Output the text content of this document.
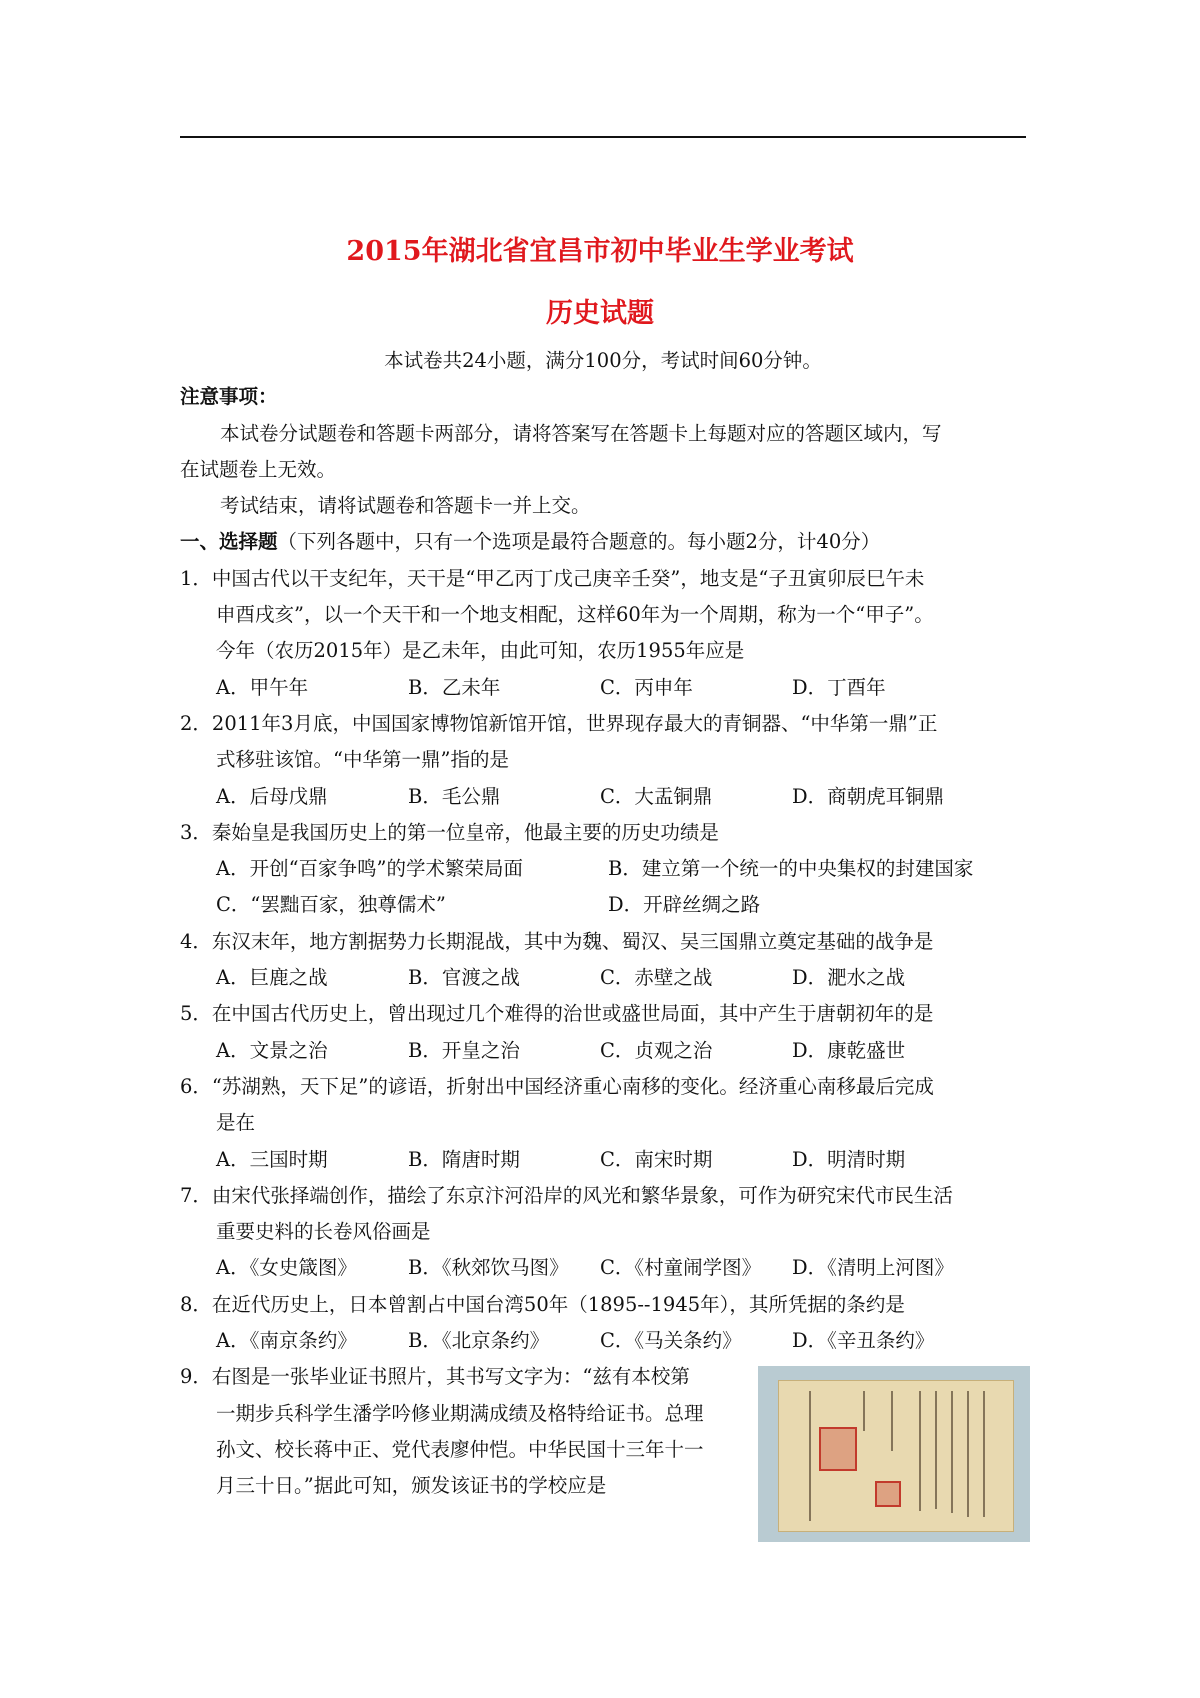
2015年湖北省宜昌市初中毕业生学业考试
历史试题
本试卷共24小题，满分100分，考试时间60分钟。
注意事项：
本试卷分试题卷和答题卡两部分，请将答案写在答题卡上每题对应的答题区域内，写
在试题卷上无效。
考试结束，请将试题卷和答题卡一并上交。
一、选择题（下列各题中，只有一个选项是最符合题意的。每小题2分，计40分）
1．中国古代以干支纪年，天干是“甲乙丙丁戊己庚辛壬癸”，地支是“子丑寅卯辰巳午未
申酉戌亥”，以一个天干和一个地支相配，这样60年为一个周期，称为一个“甲子”。
今年（农历2015年）是乙未年，由此可知，农历1955年应是
A．甲午年	B．乙未年	C．丙申年	D．丁酉年
2．2011年3月底，中国国家博物馆新馆开馆，世界现存最大的青铜器、“中华第一鼎”正
式移驻该馆。“中华第一鼎”指的是
A．后母戊鼎	B．毛公鼎	C．大盂铜鼎	D．商朝虎耳铜鼎
3．秦始皇是我国历史上的第一位皇帝，他最主要的历史功绩是
A．开创“百家争鸣”的学术繁荣局面	B．建立第一个统一的中央集权的封建国家
C．“罢黜百家，独尊儒术”	D．开辟丝绸之路
4．东汉末年，地方割据势力长期混战，其中为魏、蜀汉、吴三国鼎立奠定基础的战争是
A．巨鹿之战	B．官渡之战	C．赤壁之战	D．淝水之战
5．在中国古代历史上，曾出现过几个难得的治世或盛世局面，其中产生于唐朝初年的是
A．文景之治	B．开皇之治	C．贞观之治	D．康乾盛世
6．“苏湖熟，天下足”的谚语，折射出中国经济重心南移的变化。经济重心南移最后完成
是在
A．三国时期	B．隋唐时期	C．南宋时期	D．明清时期
7．由宋代张择端创作，描绘了东京汴河沿岸的风光和繁华景象，可作为研究宋代市民生活
重要史料的长卷风俗画是
A．《女史箴图》	B．《秋郊饮马图》	C．《村童闹学图》	D．《清明上河图》
8．在近代历史上，日本曾割占中国台湾50年（1895--1945年），其所凭据的条约是
A．《南京条约》	B．《北京条约》	C．《马关条约》	D．《辛丑条约》
9．右图是一张毕业证书照片，其书写文字为：“兹有本校第
一期步兵科学生潘学吟修业期满成绩及格特给证书。总理
孙文、校长蒋中正、党代表廖仲恺。中华民国十三年十一
月三十日。”据此可知，颁发该证书的学校应是
